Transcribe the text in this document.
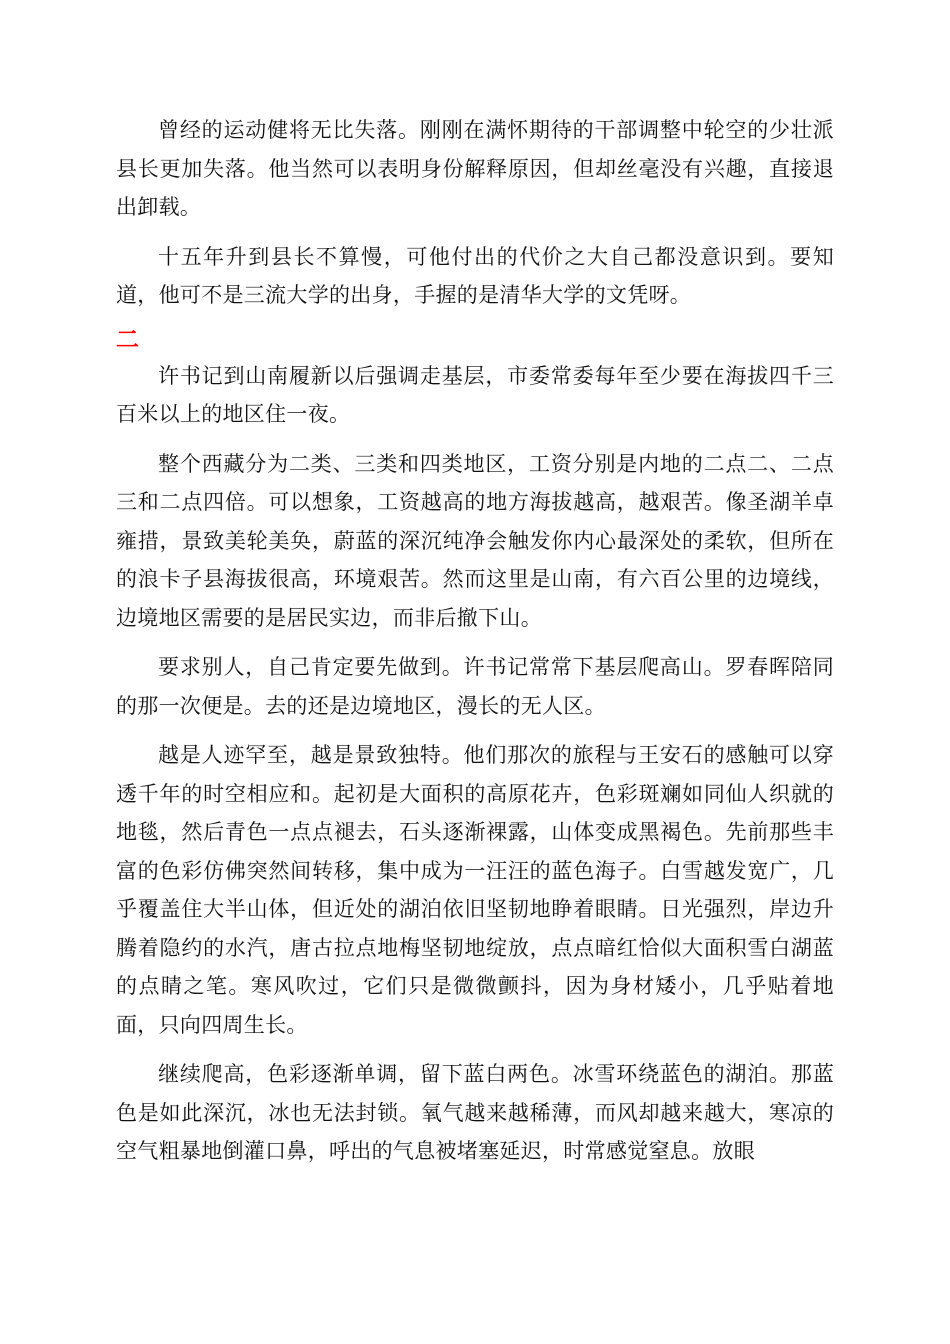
曾经的运动健将无比失落。刚刚在满怀期待的干部调整中轮空的少壮派县长更加失落。他当然可以表明身份解释原因，但却丝毫没有兴趣，直接退出卸载。

十五年升到县长不算慢，可他付出的代价之大自己都没意识到。要知道，他可不是三流大学的出身，手握的是清华大学的文凭呀。

二

许书记到山南履新以后强调走基层，市委常委每年至少要在海拔四千三百米以上的地区住一夜。

整个西藏分为二类、三类和四类地区，工资分别是内地的二点二、二点三和二点四倍。可以想象，工资越高的地方海拔越高，越艰苦。像圣湖羊卓雍措，景致美轮美奂，蔚蓝的深沉纯净会触发你内心最深处的柔软，但所在的浪卡子县海拔很高，环境艰苦。然而这里是山南，有六百公里的边境线，边境地区需要的是居民实边，而非后撤下山。

要求别人，自己肯定要先做到。许书记常常下基层爬高山。罗春晖陪同的那一次便是。去的还是边境地区，漫长的无人区。

越是人迹罕至，越是景致独特。他们那次的旅程与王安石的感触可以穿透千年的时空相应和。起初是大面积的高原花卉，色彩斑斓如同仙人织就的地毯，然后青色一点点褪去，石头逐渐裸露，山体变成黑褐色。先前那些丰富的色彩仿佛突然间转移，集中成为一汪汪的蓝色海子。白雪越发宽广，几乎覆盖住大半山体，但近处的湖泊依旧坚韧地睁着眼睛。日光强烈，岸边升腾着隐约的水汽，唐古拉点地梅坚韧地绽放，点点暗红恰似大面积雪白湖蓝的点睛之笔。寒风吹过，它们只是微微颤抖，因为身材矮小，几乎贴着地面，只向四周生长。

继续爬高，色彩逐渐单调，留下蓝白两色。冰雪环绕蓝色的湖泊。那蓝色是如此深沉，冰也无法封锁。氧气越来越稀薄，而风却越来越大，寒凉的空气粗暴地倒灌口鼻，呼出的气息被堵塞延迟，时常感觉窒息。放眼
